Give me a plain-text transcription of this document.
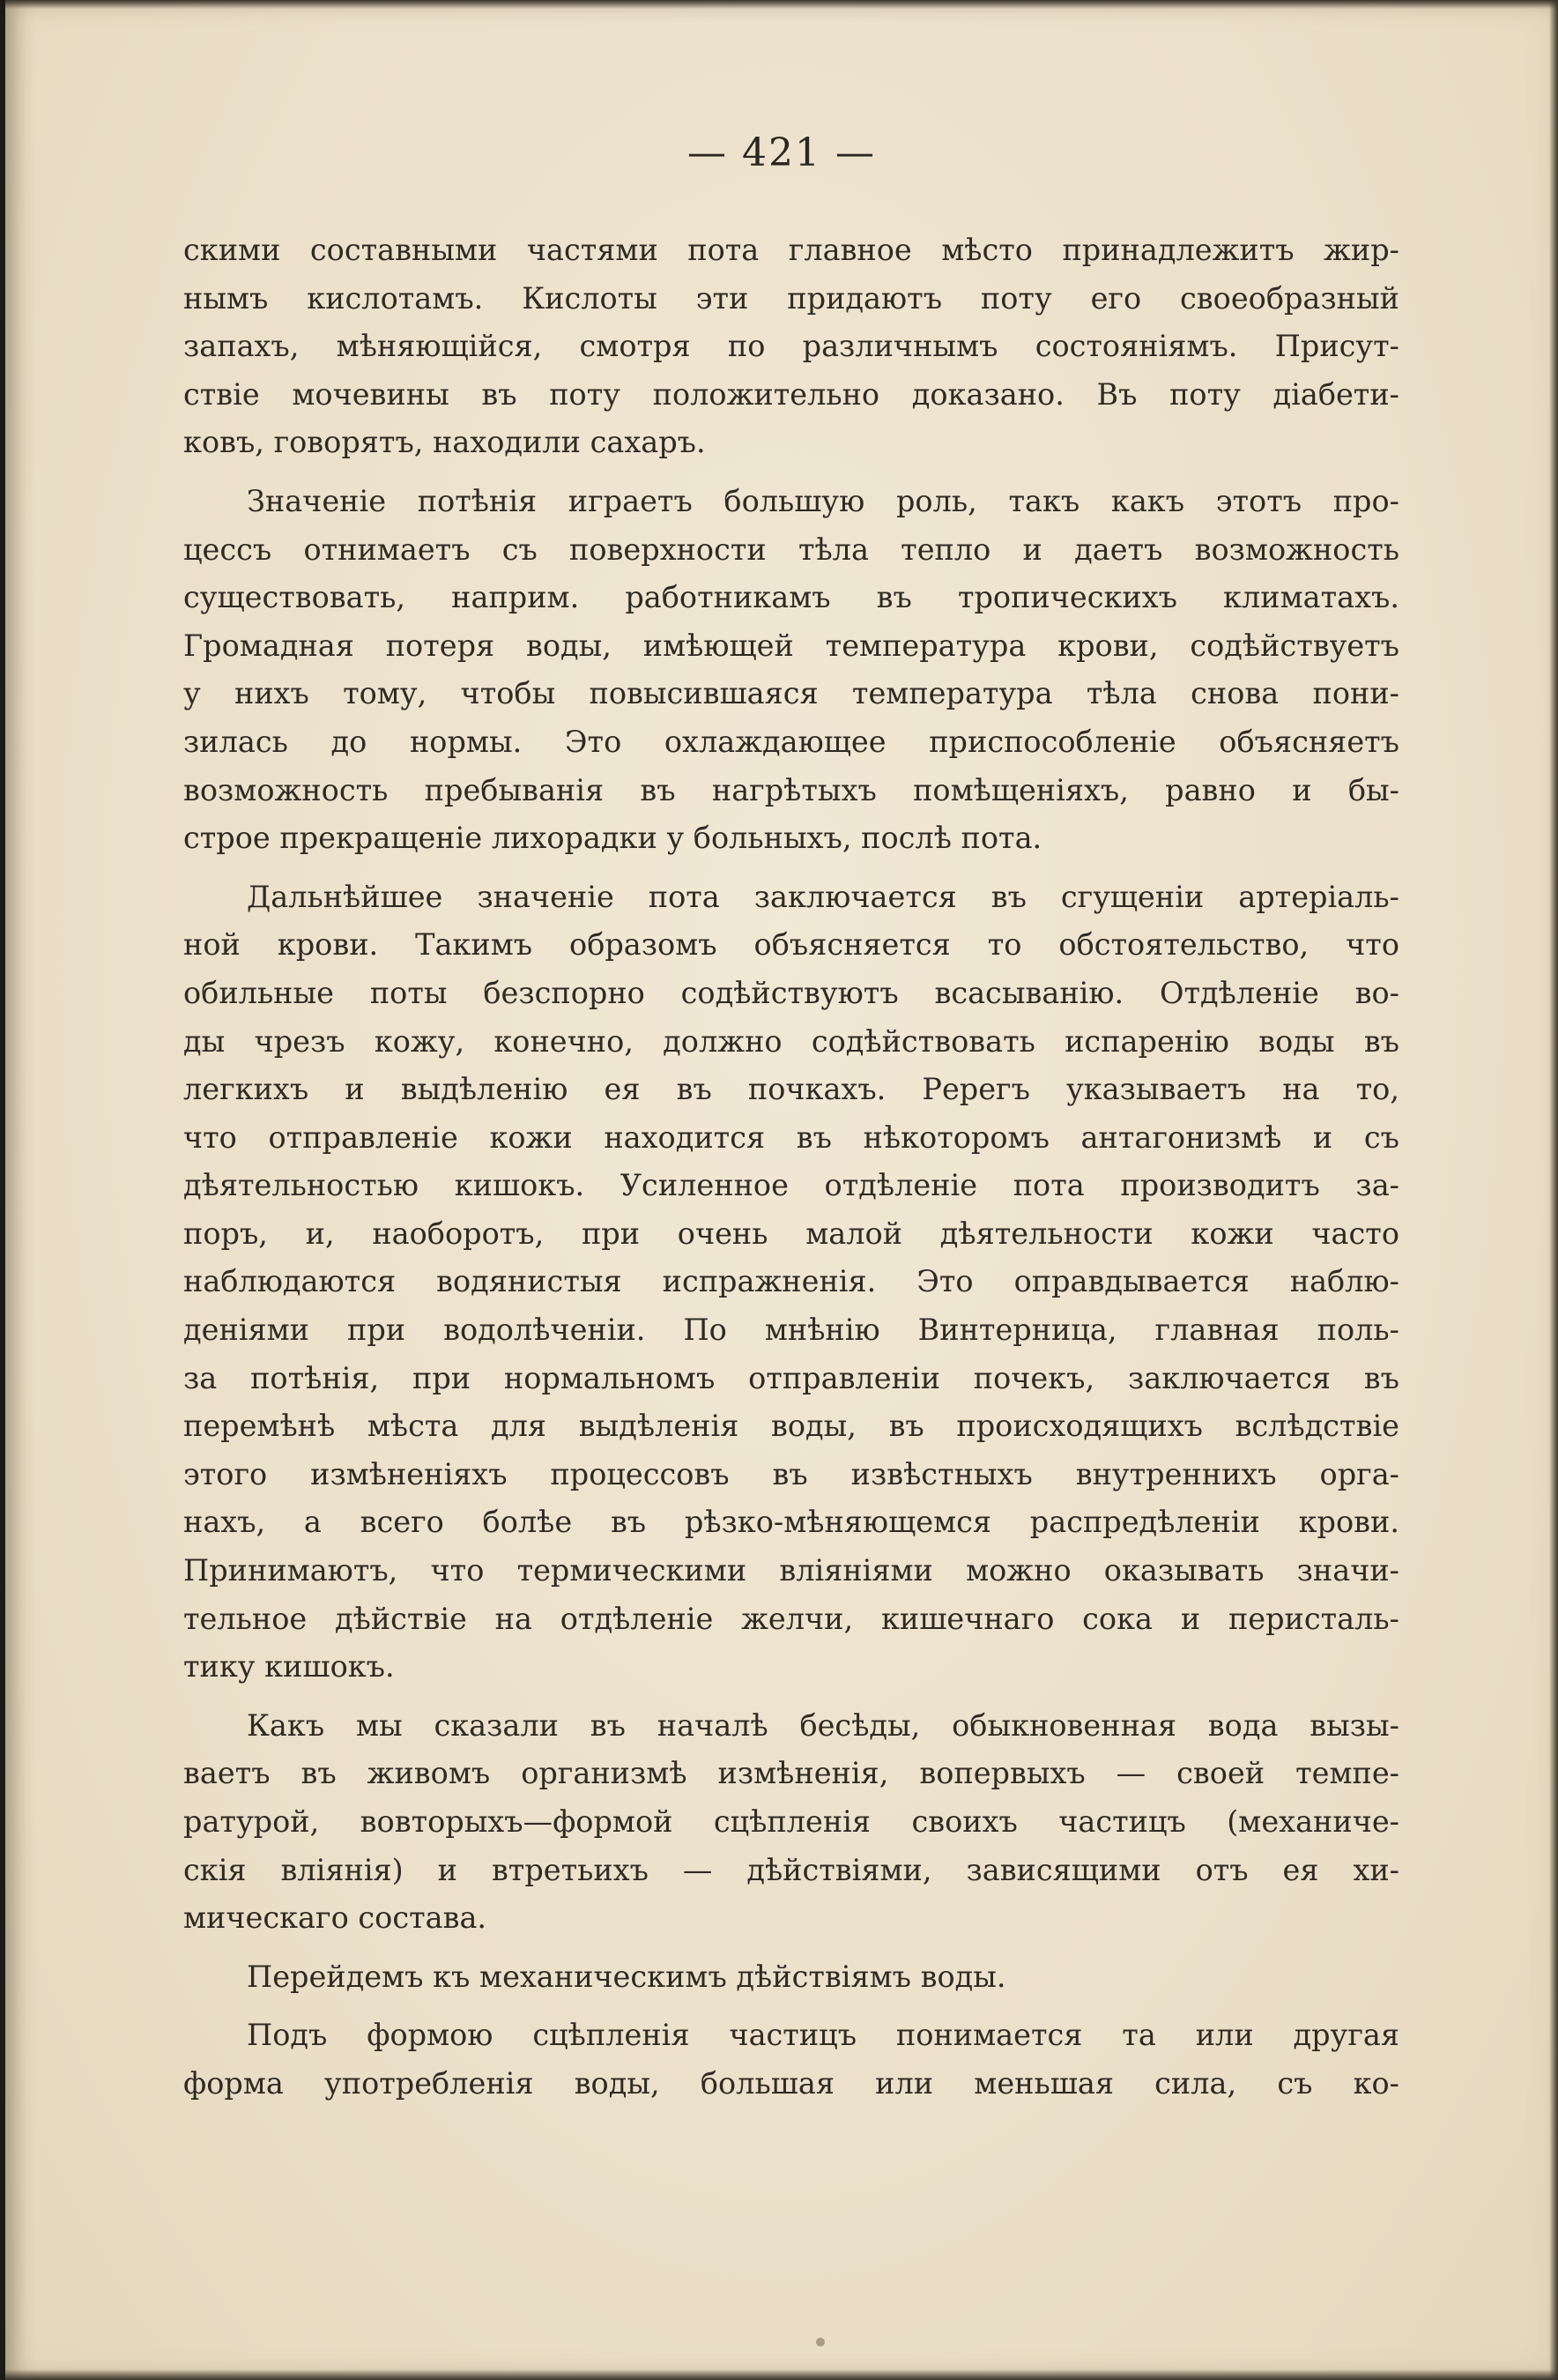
— 421 —
скими составными частями пота главное мѣсто принадлежитъ жир-
нымъ кислотамъ. Кислоты эти придаютъ поту его своеобразный
запахъ, мѣняющійся, смотря по различнымъ состояніямъ. Присут-
ствіе мочевины въ поту положительно доказано. Въ поту діабети-
ковъ, говорятъ, находили сахаръ.
Значеніе потѣнія играетъ большую роль, такъ какъ этотъ про-
цессъ отнимаетъ съ поверхности тѣла тепло и даетъ возможность
существовать, наприм. работникамъ въ тропическихъ климатахъ.
Громадная потеря воды, имѣющей температура крови, содѣйствуетъ
у нихъ тому, чтобы повысившаяся температура тѣла снова пони-
зилась до нормы. Это охлаждающее приспособленіе объясняетъ
возможность пребыванія въ нагрѣтыхъ помѣщеніяхъ, равно и бы-
строе прекращеніе лихорадки у больныхъ, послѣ пота.
Дальнѣйшее значеніе пота заключается въ сгущеніи артеріаль-
ной крови. Такимъ образомъ объясняется то обстоятельство, что
обильные поты безспорно содѣйствуютъ всасыванію. Отдѣленіе во-
ды чрезъ кожу, конечно, должно содѣйствовать испаренію воды въ
легкихъ и выдѣленію ея въ почкахъ. Ререгъ указываетъ на то,
что отправленіе кожи находится въ нѣкоторомъ антагонизмѣ и съ
дѣятельностью кишокъ. Усиленное отдѣленіе пота производитъ за-
поръ, и, наоборотъ, при очень малой дѣятельности кожи часто
наблюдаются водянистыя испражненія. Это оправдывается наблю-
деніями при водолѣченіи. По мнѣнію Винтерница, главная поль-
за потѣнія, при нормальномъ отправленіи почекъ, заключается въ
перемѣнѣ мѣста для выдѣленія воды, въ происходящихъ вслѣдствіе
этого измѣненіяхъ процессовъ въ извѣстныхъ внутреннихъ орга-
нахъ, а всего болѣе въ рѣзко-мѣняющемся распредѣленіи крови.
Принимаютъ, что термическими вліяніями можно оказывать значи-
тельное дѣйствіе на отдѣленіе желчи, кишечнаго сока и перисталь-
тику кишокъ.
Какъ мы сказали въ началѣ бесѣды, обыкновенная вода вызы-
ваетъ въ живомъ организмѣ измѣненія, вопервыхъ — своей темпе-
ратурой, вовторыхъ—формой сцѣпленія своихъ частицъ (механиче-
скія вліянія) и втретьихъ — дѣйствіями, зависящими отъ ея хи-
мическаго состава.
Перейдемъ къ механическимъ дѣйствіямъ воды.
Подъ формою сцѣпленія частицъ понимается та или другая
форма употребленія воды, большая или меньшая сила, съ ко-
